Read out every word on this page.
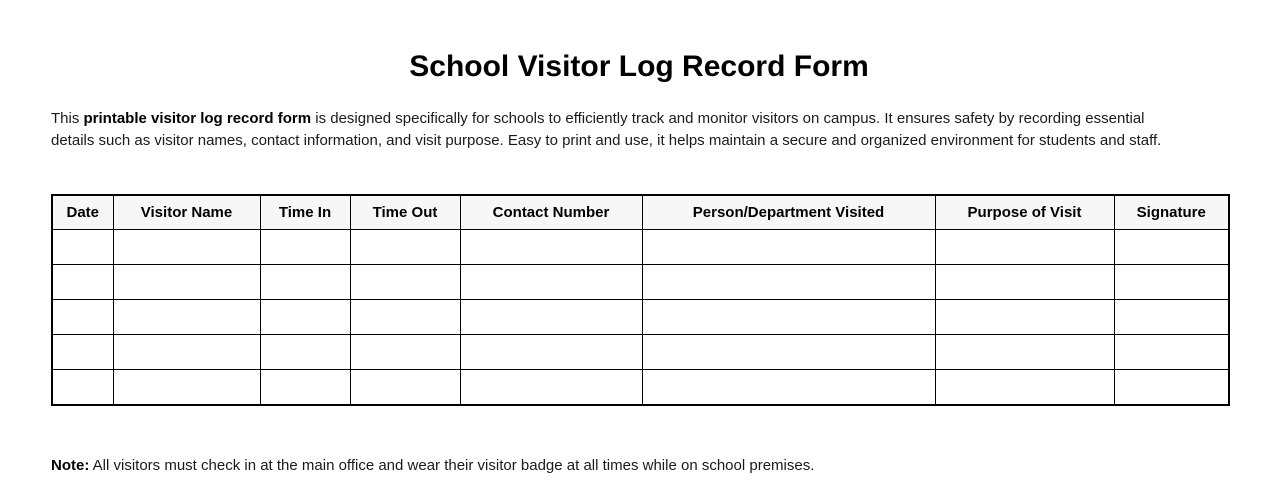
School Visitor Log Record Form

This printable visitor log record form is designed specifically for schools to efficiently track and monitor visitors on campus. It ensures safety by recording essential details such as visitor names, contact information, and visit purpose. Easy to print and use, it helps maintain a secure and organized environment for students and staff.

Date	Visitor Name	Time In	Time Out	Contact Number	Person/Department Visited	Purpose of Visit	Signature

Note: All visitors must check in at the main office and wear their visitor badge at all times while on school premises.
